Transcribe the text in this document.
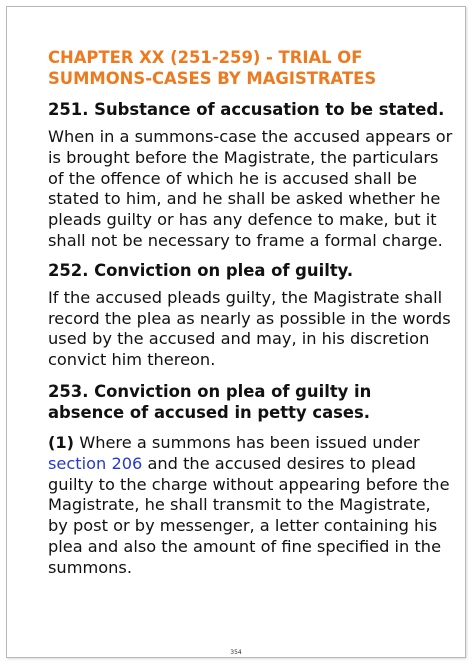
CHAPTER XX (251-259) - TRIAL OF SUMMONS-CASES BY MAGISTRATES
251. Substance of accusation to be stated.
When in a summons-case the accused appears or is brought before the Magistrate, the particulars of the offence of which he is accused shall be stated to him, and he shall be asked whether he pleads guilty or has any defence to make, but it shall not be necessary to frame a formal charge.
252. Conviction on plea of guilty.
If the accused pleads guilty, the Magistrate shall record the plea as nearly as possible in the words used by the accused and may, in his discretion convict him thereon.
253. Conviction on plea of guilty in absence of accused in petty cases.
(1) Where a summons has been issued under section 206 and the accused desires to plead guilty to the charge without appearing before the Magistrate, he shall transmit to the Magistrate, by post or by messenger, a letter containing his plea and also the amount of fine specified in the summons.
354
